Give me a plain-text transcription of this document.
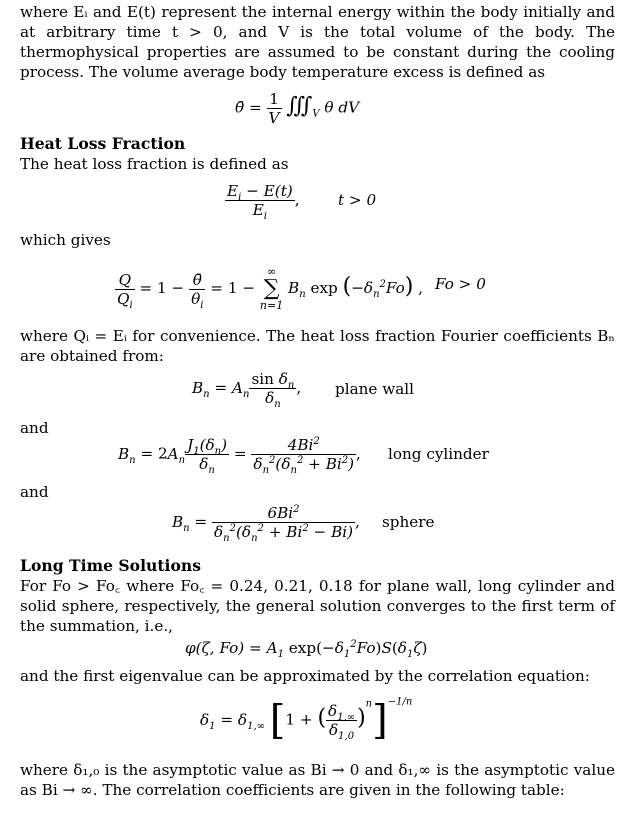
where Eᵢ and E(t) represent the internal energy within the body initially and at arbitrary time t > 0, and V is the total volume of the body. The thermophysical properties are assumed to be constant during the cooling process. The volume average body temperature excess is defined as

θ̄ = $\frac{1}{V}$ $∭_V$ θ dV

Heat Loss Fraction

The heat loss fraction is defined as

$\frac{E_i - E(t)}{E_i}$ ,	t > 0

which gives

$\frac{Q}{Q_i} = 1 - \frac{\thetā}{\theta_i} = 1$ −
∞
∑
n=1
$B_n$ $\exp (-\delta_n^2Fo)$ , Fo > 0

where Qᵢ = Eᵢ for convenience. The heat loss fraction Fourier coefficients Bₙ are obtained from:

$B_n = A_n \frac{\sin \delta_n}{\delta_n}$ , plane wall

and

$B_n = 2A_n \frac{J_1(\delta_n)}{\delta_n} = \frac{4Bi^2}{\delta_n^2(\delta_n^2 + Bi^2)}$ , long cylinder

and

$B_n = \frac{6Bi^2}{\delta_n^2(\delta_n^2 + Bi^2 - Bi)}$ , sphere

Long Time Solutions

For Fo > Fo꜀ where Fo꜀ = 0.24, 0.21, 0.18 for plane wall, long cylinder and solid sphere, respectively, the general solution converges to the first term of the summation, i.e.,

φ(ζ, $Fo) = A_1$ $\exp(-\delta_1^2Fo)S(\delta_1\zeta)$

and the first eigenvalue can be approximated by the correlation equation:

$\delta_1 = \delta_{1,\infty}$ [1 + ( $\frac{\delta_{1,\infty}}{\delta_{1,0}} )^n]^{-1/n}$

where δ₁,₀ is the asymptotic value as Bi → 0 and δ₁,∞ is the asymptotic value as Bi → ∞. The correlation coefficients are given in the following table:
